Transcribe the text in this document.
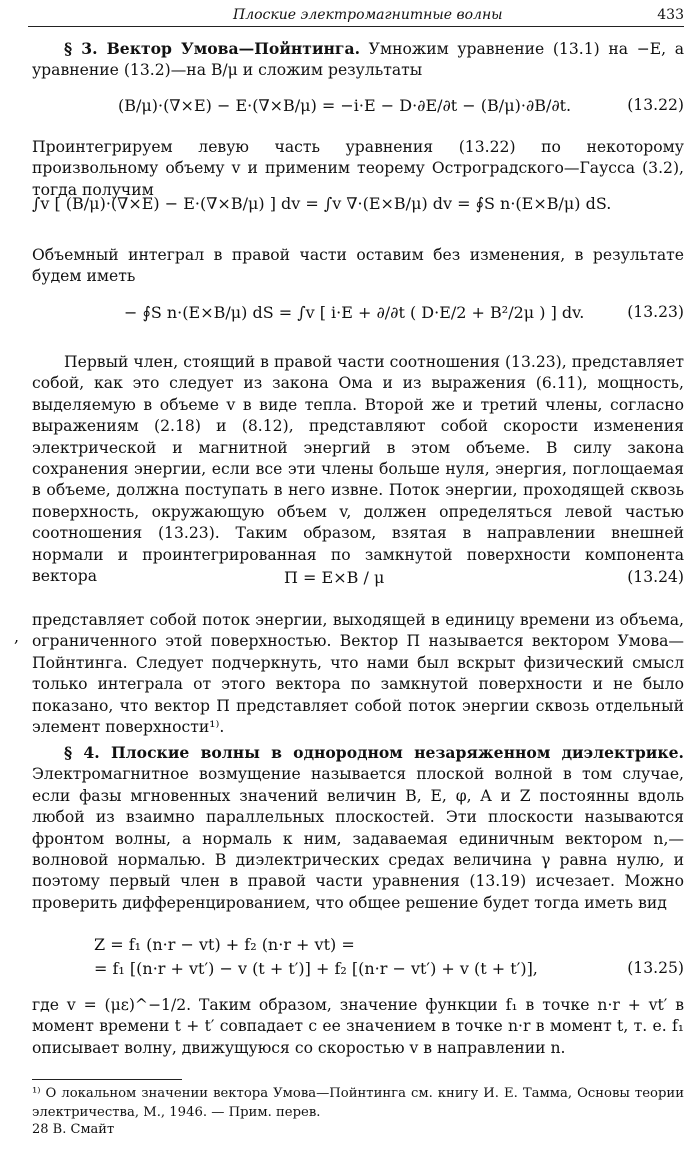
Плоские электромагнитные волны	433
§ 3. Вектор Умова—Пойнтинга. Умножим уравнение (13.1) на −E, а уравнение (13.2)—на B/μ и сложим результаты
(B/μ)·(∇×E) − E·(∇×B/μ) = −i·E − D·∂E/∂t − (B/μ)·∂B/∂t.	(13.22)
Проинтегрируем левую часть уравнения (13.22) по некоторому произвольному объему v и применим теорему Остроградского—Гаусса (3.2), тогда получим
∫v [ (B/μ)·(∇×E) − E·(∇×B/μ) ] dv = ∫v ∇·(E×B/μ) dv = ∮S n·(E×B/μ) dS.
Объемный интеграл в правой части оставим без изменения, в результате будем иметь
− ∮S n·(E×B/μ) dS = ∫v [ i·E + ∂/∂t ( D·E/2 + B²/2μ ) ] dv.	(13.23)
Первый член, стоящий в правой части соотношения (13.23), представляет собой, как это следует из закона Ома и из выражения (6.11), мощность, выделяемую в объеме v в виде тепла. Второй же и третий члены, согласно выражениям (2.18) и (8.12), представляют собой скорости изменения электрической и магнитной энергий в этом объеме. В силу закона сохранения энергии, если все эти члены больше нуля, энергия, поглощаемая в объеме, должна поступать в него извне. Поток энергии, проходящей сквозь поверхность, окружающую объем v, должен определяться левой частью соотношения (13.23). Таким образом, взятая в направлении внешней нормали и проинтегрированная по замкнутой поверхности компонента вектора	Π = E×B / μ	(13.24)
,
представляет собой поток энергии, выходящей в единицу времени из объема, ограниченного этой поверхностью. Вектор Π называется вектором Умова—Пойнтинга. Следует подчеркнуть, что нами был вскрыт физический смысл только интеграла от этого вектора по замкнутой поверхности и не было показано, что вектор Π представляет собой поток энергии сквозь отдельный элемент поверхности¹⁾.
§ 4. Плоские волны в однородном незаряженном диэлектрике. Электромагнитное возмущение называется плоской волной в том случае, если фазы мгновенных значений величин B, E, φ, A и Z постоянны вдоль любой из взаимно параллельных плоскостей. Эти плоскости называются фронтом волны, а нормаль к ним, задаваемая единичным вектором n,— волновой нормалью. В диэлектрических средах величина γ равна нулю, и поэтому первый член в правой части уравнения (13.19) исчезает. Можно проверить дифференцированием, что общее решение будет тогда иметь вид
Z = f₁ (n·r − vt) + f₂ (n·r + vt) =
= f₁ [(n·r + vt′) − v (t + t′)] + f₂ [(n·r − vt′) + v (t + t′)],	(13.25)
где v = (με)^−1/2. Таким образом, значение функции f₁ в точке n·r + vt′ в момент времени t + t′ совпадает с ее значением в точке n·r в момент t, т. е. f₁ описывает волну, движущуюся со скоростью v в направлении n.
¹⁾ О локальном значении вектора Умова—Пойнтинга см. книгу И. Е. Тамма, Основы теории электричества, М., 1946. — Прим. перев.
28 В. Смайт
